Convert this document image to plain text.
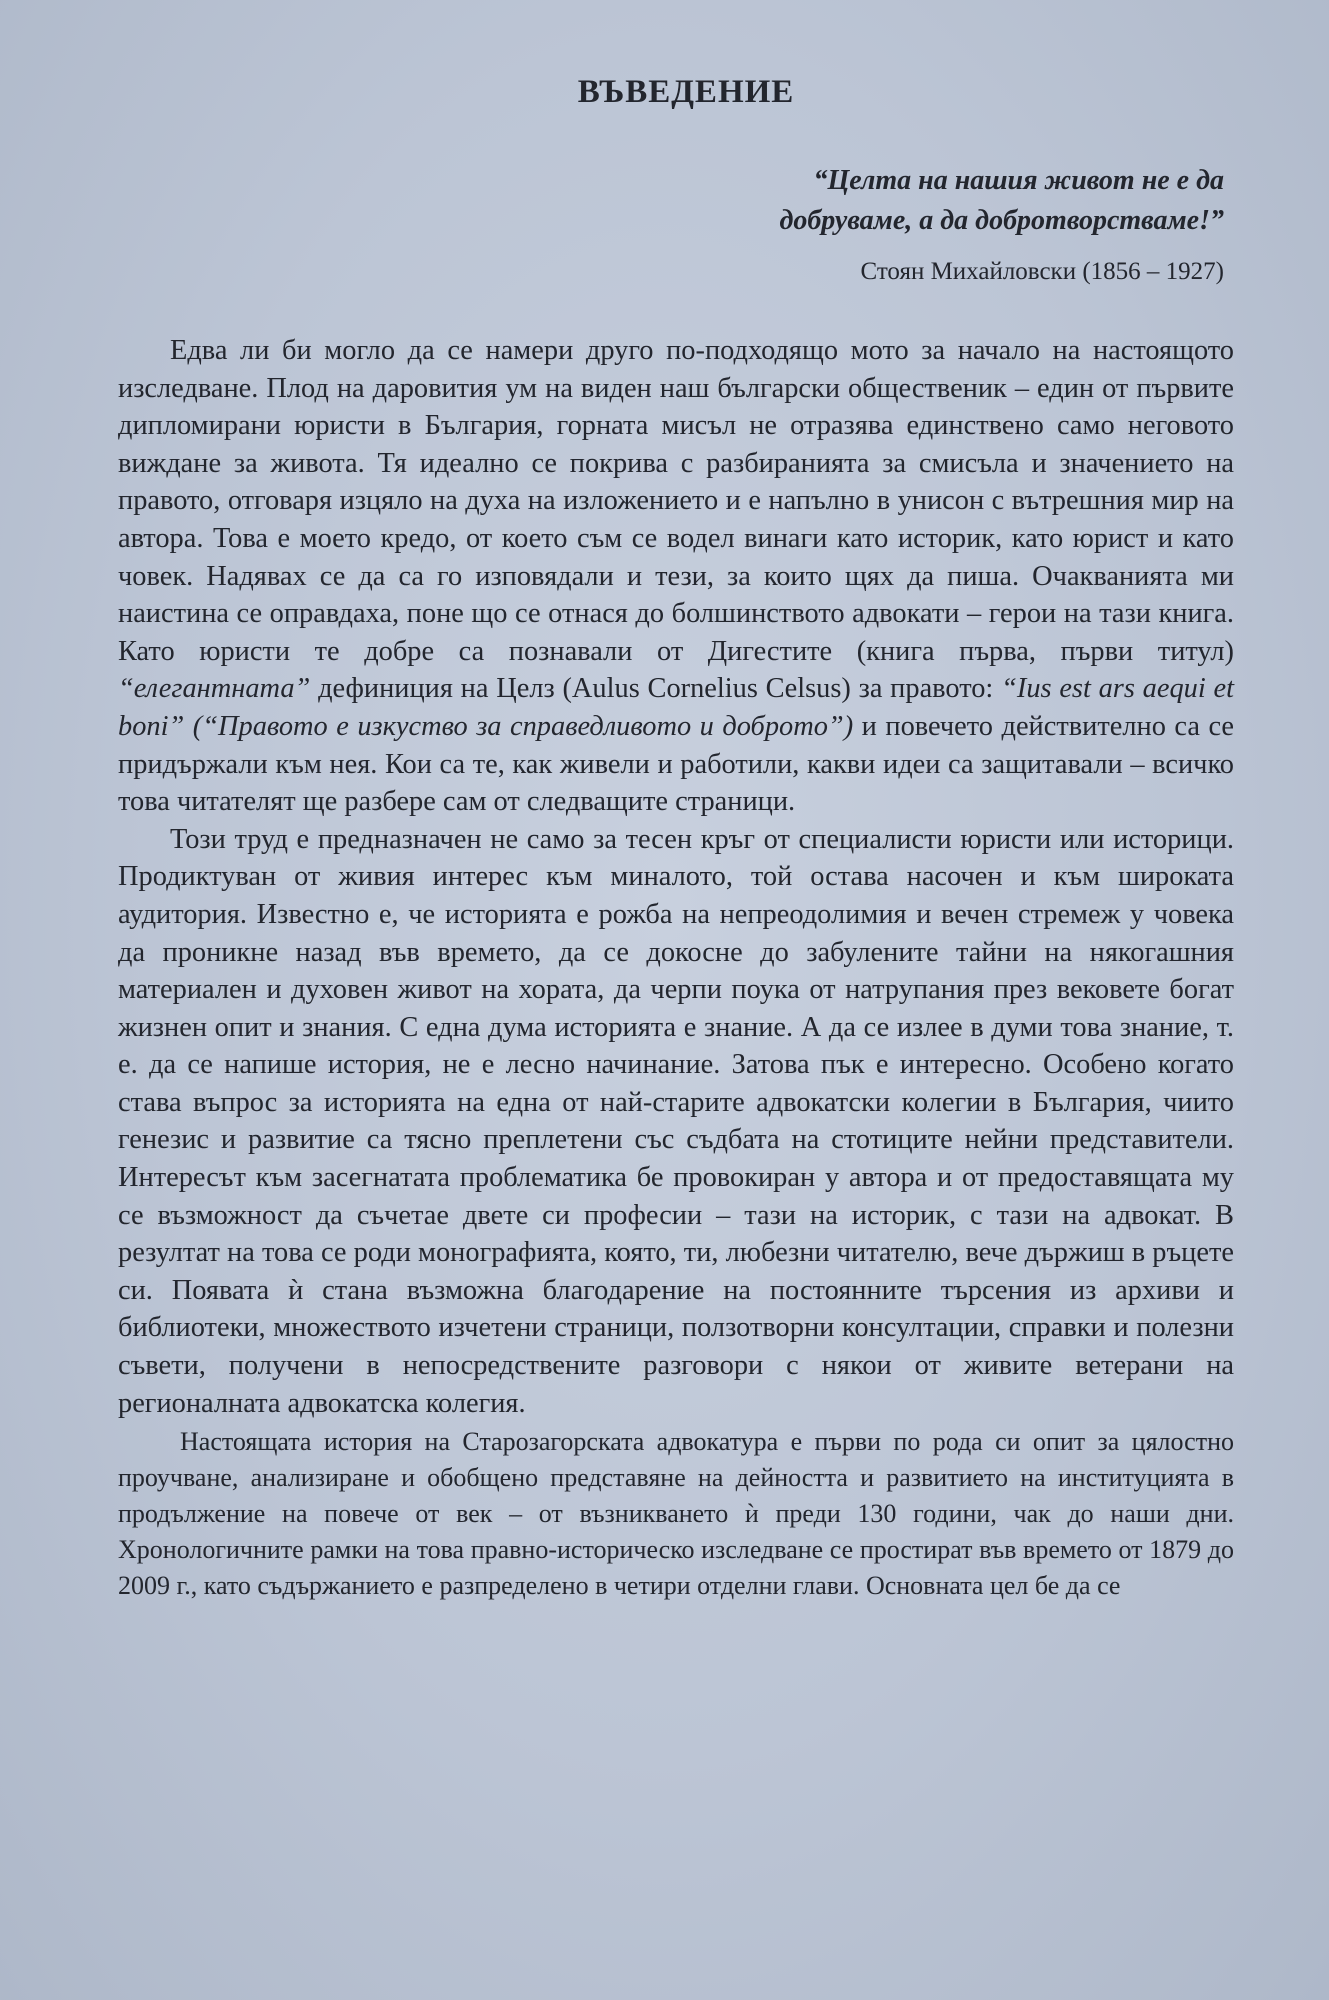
ВЪВЕДЕНИЕ
“Целта на нашия живот не е да
добруваме, а да добротворстваме!”
Стоян Михайловски (1856 – 1927)

Едва ли би могло да се намери друго по-подходящо мото за начало на настоящото изследване. Плод на даровития ум на виден наш български общественик – един от първите дипломирани юристи в България, горната мисъл не отразява единствено само неговото виждане за живота. Тя идеално се покрива с разбиранията за смисъла и значението на правото, отговаря изцяло на духа на изложението и е напълно в унисон с вътрешния мир на автора. Това е моето кредо, от което съм се водел винаги като историк, като юрист и като човек. Надявах се да са го изповядали и тези, за които щях да пиша. Очакванията ми наистина се оправдаха, поне що се отнася до болшинството адвокати – герои на тази книга. Като юристи те добре са познавали от Дигестите (книга първа, първи титул) “елегантната” дефиниция на Целз (Aulus Cornelius Celsus) за правото: “Ius est ars aequi et boni” (“Правото е изкуство за справедливото и доброто”) и повечето действително са се придържали към нея. Кои са те, как живели и работили, какви идеи са защитавали – всичко това читателят ще разбере сам от следващите страници.

Този труд е предназначен не само за тесен кръг от специалисти юристи или историци. Продиктуван от живия интерес към миналото, той остава насочен и към широката аудитория. Известно е, че историята е рожба на непреодолимия и вечен стремеж у човека да проникне назад във времето, да се докосне до забулените тайни на някогашния материален и духовен живот на хората, да черпи поука от натрупания през вековете богат жизнен опит и знания. С една дума историята е знание. А да се излее в думи това знание, т. е. да се напише история, не е лесно начинание. Затова пък е интересно. Особено когато става въпрос за историята на една от най-старите адвокатски колегии в България, чиито генезис и развитие са тясно преплетени със съдбата на стотиците нейни представители. Интересът към засегнатата проблематика бе провокиран у автора и от предоставящата му се възможност да съчетае двете си професии – тази на историк, с тази на адвокат. В резултат на това се роди монографията, която, ти, любезни читателю, вече държиш в ръцете си. Появата ѝ стана възможна благодарение на постоянните търсения из архиви и библиотеки, множеството изчетени страници, ползотворни консултации, справки и полезни съвети, получени в непосредствените разговори с някои от живите ветерани на регионалната адвокатска колегия.

Настоящата история на Старозагорската адвокатура е първи по рода си опит за цялостно проучване, анализиране и обобщено представяне на дейността и развитието на институцията в продължение на повече от век – от възникването ѝ преди 130 години, чак до наши дни. Хронологичните рамки на това правно-историческо изследване се простират във времето от 1879 до 2009 г., като съдържанието е разпределено в четири отделни глави. Основната цел бе да се
